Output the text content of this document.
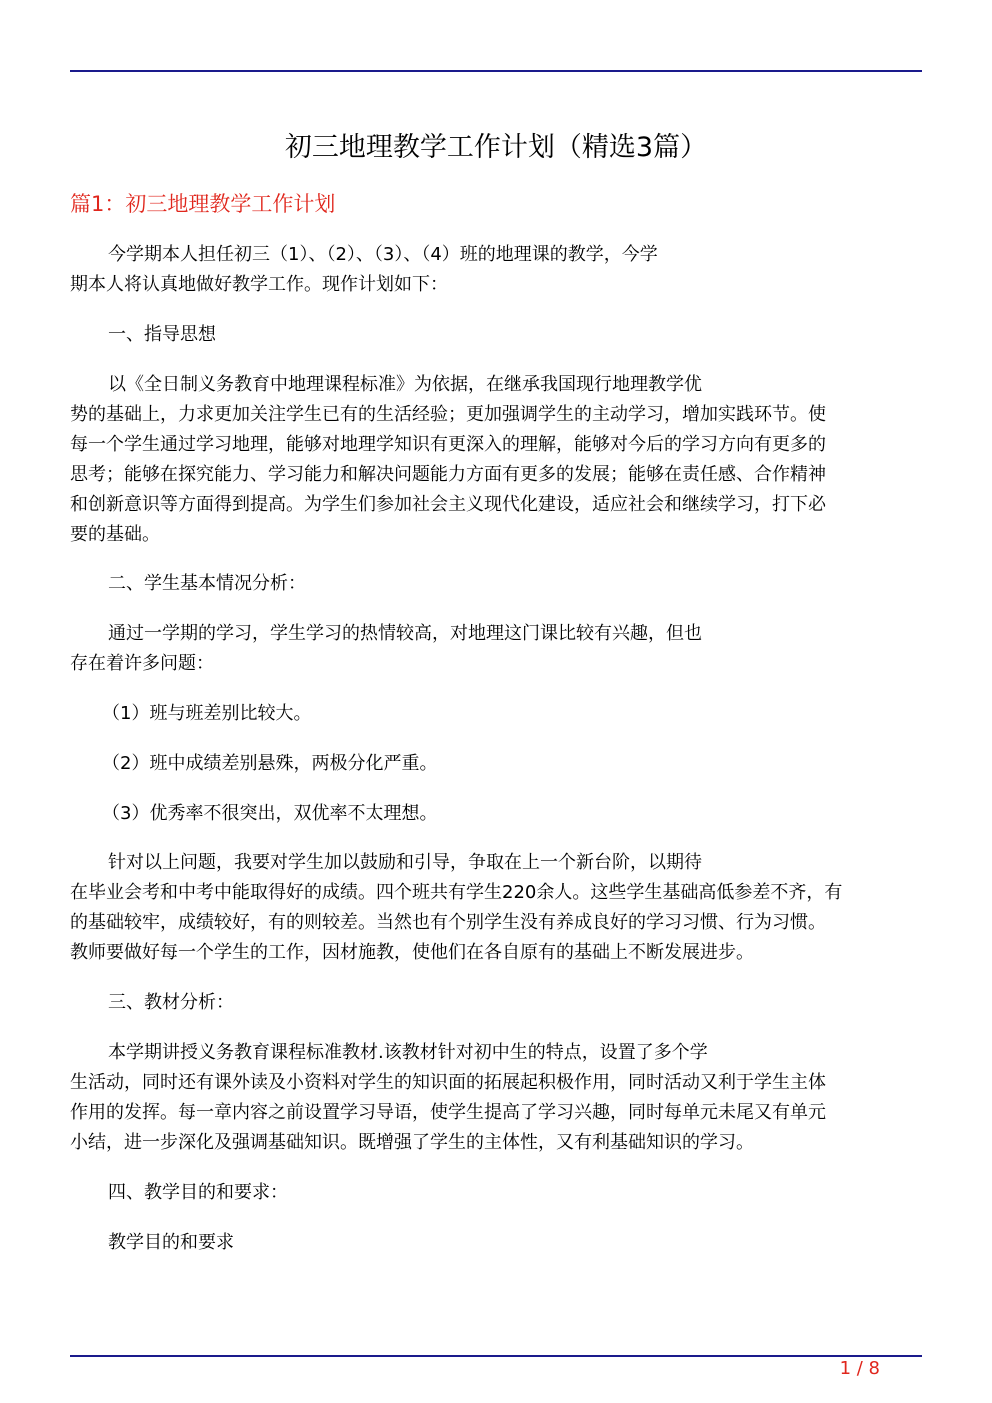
初三地理教学工作计划（精选3篇）
篇1：初三地理教学工作计划
今学期本人担任初三（1）、（2）、（3）、（4）班的地理课的教学，今学
期本人将认真地做好教学工作。现作计划如下：
一、指导思想
以《全日制义务教育中地理课程标准》为依据，在继承我国现行地理教学优
势的基础上，力求更加关注学生已有的生活经验；更加强调学生的主动学习，增加实践环节。使
每一个学生通过学习地理，能够对地理学知识有更深入的理解，能够对今后的学习方向有更多的
思考；能够在探究能力、学习能力和解决问题能力方面有更多的发展；能够在责任感、合作精神
和创新意识等方面得到提高。为学生们参加社会主义现代化建设，适应社会和继续学习，打下必
要的基础。
二、学生基本情况分析：
通过一学期的学习，学生学习的热情较高，对地理这门课比较有兴趣，但也
存在着许多问题：
（1）班与班差别比较大。
（2）班中成绩差别悬殊，两极分化严重。
（3）优秀率不很突出，双优率不太理想。
针对以上问题，我要对学生加以鼓励和引导，争取在上一个新台阶，以期待
在毕业会考和中考中能取得好的成绩。四个班共有学生220余人。这些学生基础高低参差不齐，有
的基础较牢，成绩较好，有的则较差。当然也有个别学生没有养成良好的学习习惯、行为习惯。
教师要做好每一个学生的工作，因材施教，使他们在各自原有的基础上不断发展进步。
三、教材分析：
本学期讲授义务教育课程标准教材.该教材针对初中生的特点，设置了多个学
生活动，同时还有课外读及小资料对学生的知识面的拓展起积极作用，同时活动又利于学生主体
作用的发挥。每一章内容之前设置学习导语，使学生提高了学习兴趣，同时每单元未尾又有单元
小结，进一步深化及强调基础知识。既增强了学生的主体性，又有利基础知识的学习。
四、教学目的和要求：
教学目的和要求
1 / 8
